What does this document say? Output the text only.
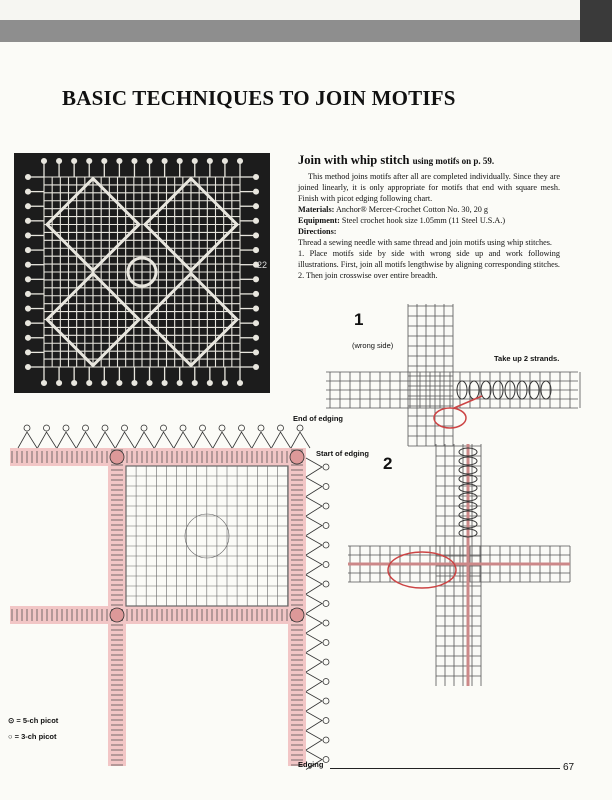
BASIC TECHNIQUES TO JOIN MOTIFS
22
Join with whip stitch using motifs on p. 59.
This method joins motifs after all are completed individually. Since they are joined linearly, it is only appropriate for motifs that end with square mesh. Finish with picot edging following chart.
Materials: Anchor® Mercer-Crochet Cotton No. 30, 20 g
Equipment: Steel crochet hook size 1.05mm (11 Steel U.S.A.)
Directions:
Thread a sewing needle with same thread and join motifs using whip stitches.
1. Place motifs side by side with wrong side up and work following illustrations. First, join all motifs lengthwise by aligning corresponding stitches.
2. Then join crosswise over entire breadth.
1
(wrong side)
Take up 2 strands.
2
End of edging
Start of edging
Edging
⊙ = 5-ch picot
○ = 3-ch picot
67
